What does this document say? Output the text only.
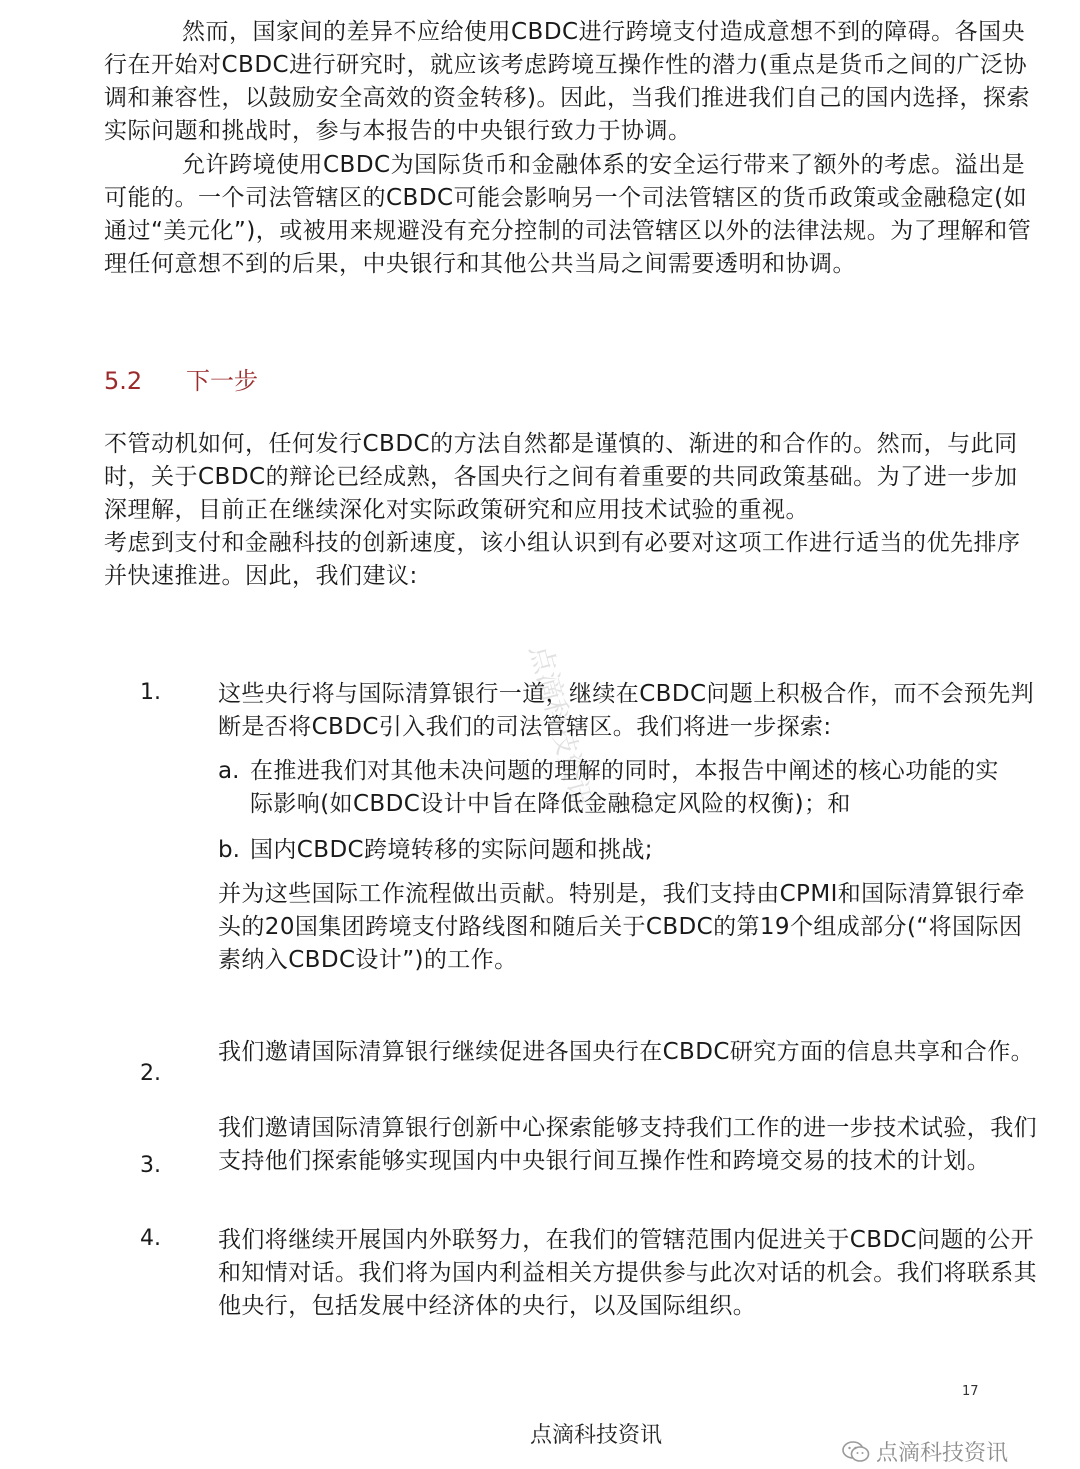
然而，国家间的差异不应给使用CBDC进行跨境支付造成意想不到的障碍。各国央行在开始对CBDC进行研究时，就应该考虑跨境互操作性的潜力(重点是货币之间的广泛协调和兼容性，以鼓励安全高效的资金转移)。因此，当我们推进我们自己的国内选择，探索实际问题和挑战时，参与本报告的中央银行致力于协调。

允许跨境使用CBDC为国际货币和金融体系的安全运行带来了额外的考虑。溢出是可能的。一个司法管辖区的CBDC可能会影响另一个司法管辖区的货币政策或金融稳定(如通过“美元化”)，或被用来规避没有充分控制的司法管辖区以外的法律法规。为了理解和管理任何意想不到的后果，中央银行和其他公共当局之间需要透明和协调。

5.2 下一步

不管动机如何，任何发行CBDC的方法自然都是谨慎的、渐进的和合作的。然而，与此同时，关于CBDC的辩论已经成熟，各国央行之间有着重要的共同政策基础。为了进一步加深理解，目前正在继续深化对实际政策研究和应用技术试验的重视。

考虑到支付和金融科技的创新速度，该小组认识到有必要对这项工作进行适当的优先排序并快速推进。因此，我们建议:

点滴科技资讯
1. 这些央行将与国际清算银行一道，继续在CBDC问题上积极合作，而不会预先判断是否将CBDC引入我们的司法管辖区。我们将进一步探索:

a. 在推进我们对其他未决问题的理解的同时，本报告中阐述的核心功能的实际影响(如CBDC设计中旨在降低金融稳定风险的权衡)；和

b. 国内CBDC跨境转移的实际问题和挑战;

并为这些国际工作流程做出贡献。特别是，我们支持由CPMI和国际清算银行牵头的20国集团跨境支付路线图和随后关于CBDC的第19个组成部分(“将国际因素纳入CBDC设计”)的工作。

2.

我们邀请国际清算银行继续促进各国央行在CBDC研究方面的信息共享和合作。

3.

我们邀请国际清算银行创新中心探索能够支持我们工作的进一步技术试验，我们支持他们探索能够实现国内中央银行间互操作性和跨境交易的技术的计划。

4. 我们将继续开展国内外联努力，在我们的管辖范围内促进关于CBDC问题的公开和知情对话。我们将为国内利益相关方提供参与此次对话的机会。我们将联系其他央行，包括发展中经济体的央行，以及国际组织。

17
点滴科技资讯
点滴科技资讯
